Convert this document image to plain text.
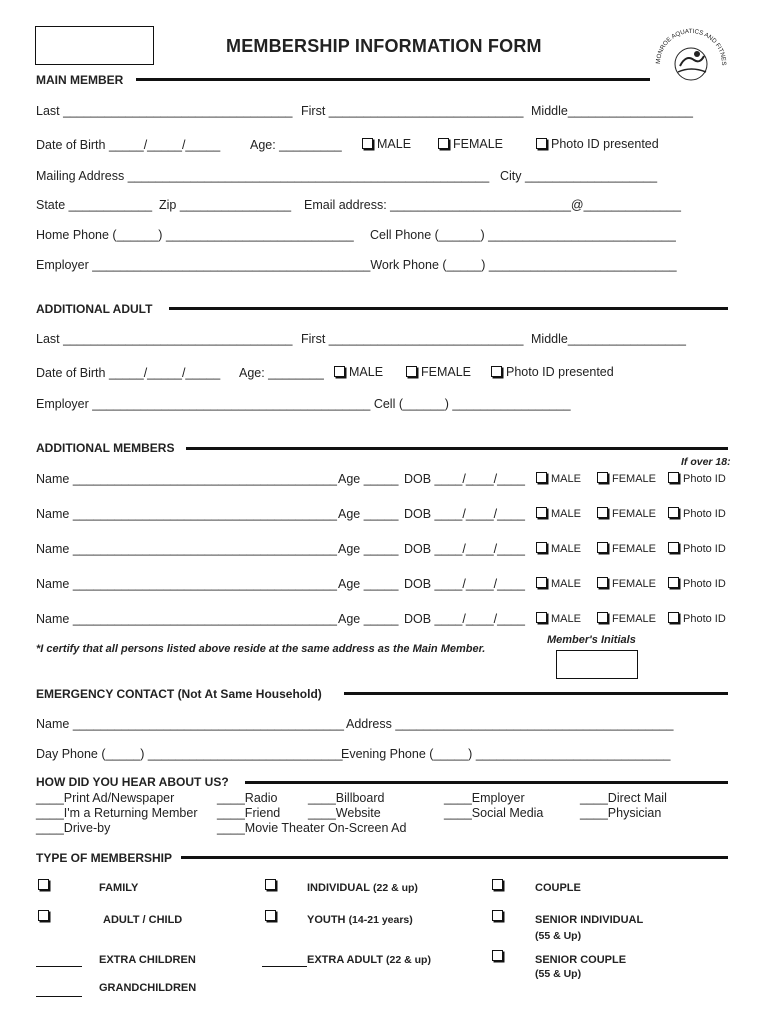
MEMBERSHIP INFORMATION FORM
MONROE AQUATICS AND FITNES
MAIN MEMBER
Last _________________________________ First ____________________________ Middle__________________
Date of Birth _____/_____/_____ Age: _________	MALE	FEMALE	Photo ID presented
Mailing Address ____________________________________________________ City ___________________
State ____________ Zip ________________ Email address: __________________________@______________
Home Phone (______) ___________________________ Cell Phone (______) ___________________________
Employer ________________________________________Work Phone (_____) ___________________________
ADDITIONAL ADULT
Last _________________________________ First ____________________________ Middle_________________
Date of Birth _____/_____/_____ Age: ________	MALE	FEMALE	Photo ID presented
Employer ________________________________________ Cell (______) _________________
ADDITIONAL MEMBERS
If over 18:
Name ______________________________________ Age _____ DOB ____/____/____	MALE	FEMALE	Photo ID
Name ______________________________________ Age _____ DOB ____/____/____	MALE	FEMALE	Photo ID
Name ______________________________________ Age _____ DOB ____/____/____	MALE	FEMALE	Photo ID
Name ______________________________________ Age _____ DOB ____/____/____	MALE	FEMALE	Photo ID
Name ______________________________________ Age _____ DOB ____/____/____	MALE	FEMALE	Photo ID
*I certify that all persons listed above reside at the same address as the Main Member.
Member's Initials
EMERGENCY CONTACT (Not At Same Household)
Name _______________________________________ Address ________________________________________
Day Phone (_____) ____________________________
Evening Phone (_____) ____________________________
HOW DID YOU HEAR ABOUT US?
____Print Ad/Newspaper
____I'm a Returning Member
____Drive-by
____Radio
____Friend
____Movie Theater On-Screen Ad
____Billboard
____Website
____Employer
____Social Media
____Direct Mail
____Physician
TYPE OF MEMBERSHIP
FAMILY	INDIVIDUAL (22 & up)	COUPLE
ADULT / CHILD	YOUTH (14-21 years)	SENIOR INDIVIDUAL
(55 & Up)
EXTRA CHILDREN	EXTRA ADULT (22 & up)	SENIOR COUPLE
(55 & Up)
GRANDCHILDREN
